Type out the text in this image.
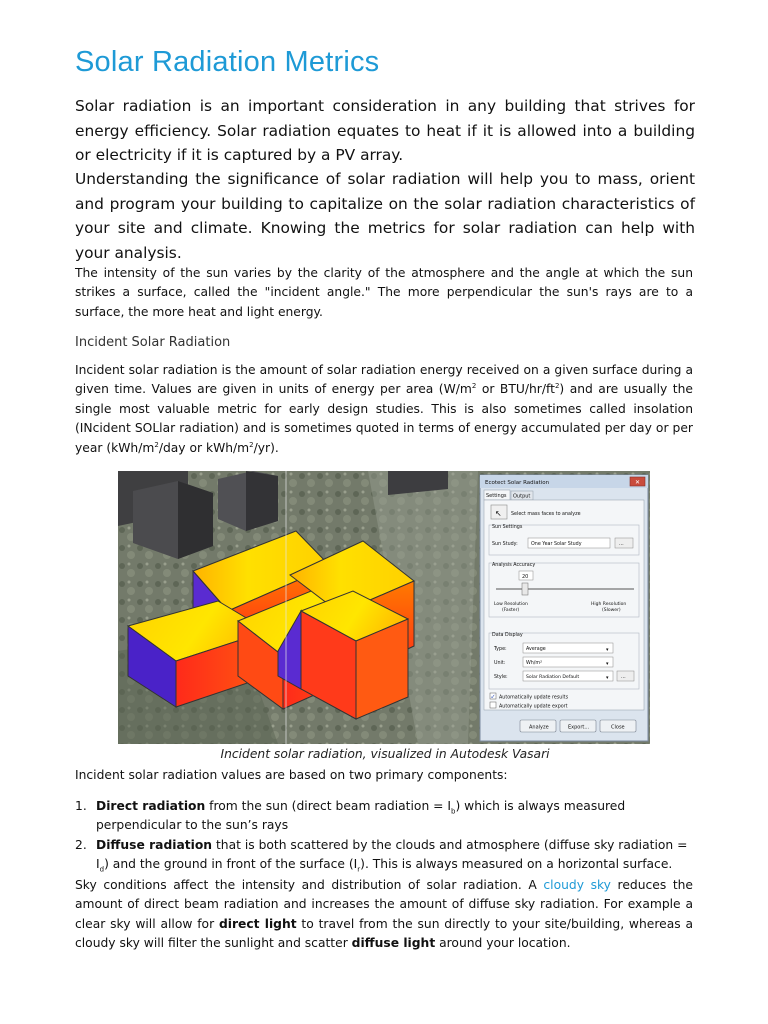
Solar Radiation Metrics

Solar radiation is an important consideration in any building that strives for energy efficiency. Solar radiation equates to heat if it is allowed into a building or electricity if it is captured by a PV array.

Understanding the significance of solar radiation will help you to mass, orient and program your building to capitalize on the solar radiation characteristics of your site and climate. Knowing the metrics for solar radiation can help with your analysis.

The intensity of the sun varies by the clarity of the atmosphere and the angle at which the sun strikes a surface, called the "incident angle." The more perpendicular the sun's rays are to a surface, the more heat and light energy.

Incident Solar Radiation

Incident solar radiation is the amount of solar radiation energy received on a given surface during a given time. Values are given in units of energy per area ($W/m^2$ or BTU/$hr/ft^2$) and are usually the single most valuable metric for early design studies. This is also sometimes called insolation (INcident SOLlar radiation) and is sometimes quoted in terms of energy accumulated per day or per year ($kWh/m^2$/day or kWh/$m^2/yr$).

Ecotect Solar Radiation	✕
Settings Output
↖ Select mass faces to analyze
Sun Settings
Sun Study:	One Year Solar Study	...
Analysis Accuracy
20
Low Resolution
(Faster)
High Resolution
(Slower)
Data Display
Type:	Average	▾
Unit:	Wh/m²	▾
Style:	Solar Radiation Default	▾ ...
✓ Automatically update results
Automatically update export
Analyze	Export...	Close

Incident solar radiation, visualized in Autodesk Vasari

Incident solar radiation values are based on two primary components:

1. Direct radiation from the sun (direct beam radiation = $I_b$) which is always measured perpendicular to the sun’s rays
2. Diffuse radiation that is both scattered by the clouds and atmosphere (diffuse sky radiation = $I_d$) and the ground in front of the surface $(I_r)$. This is always measured on a horizontal surface.

Sky conditions affect the intensity and distribution of solar radiation. A cloudy sky reduces the amount of direct beam radiation and increases the amount of diffuse sky radiation. For example a clear sky will allow for direct light to travel from the sun directly to your site/building, whereas a cloudy sky will filter the sunlight and scatter diffuse light around your location.
